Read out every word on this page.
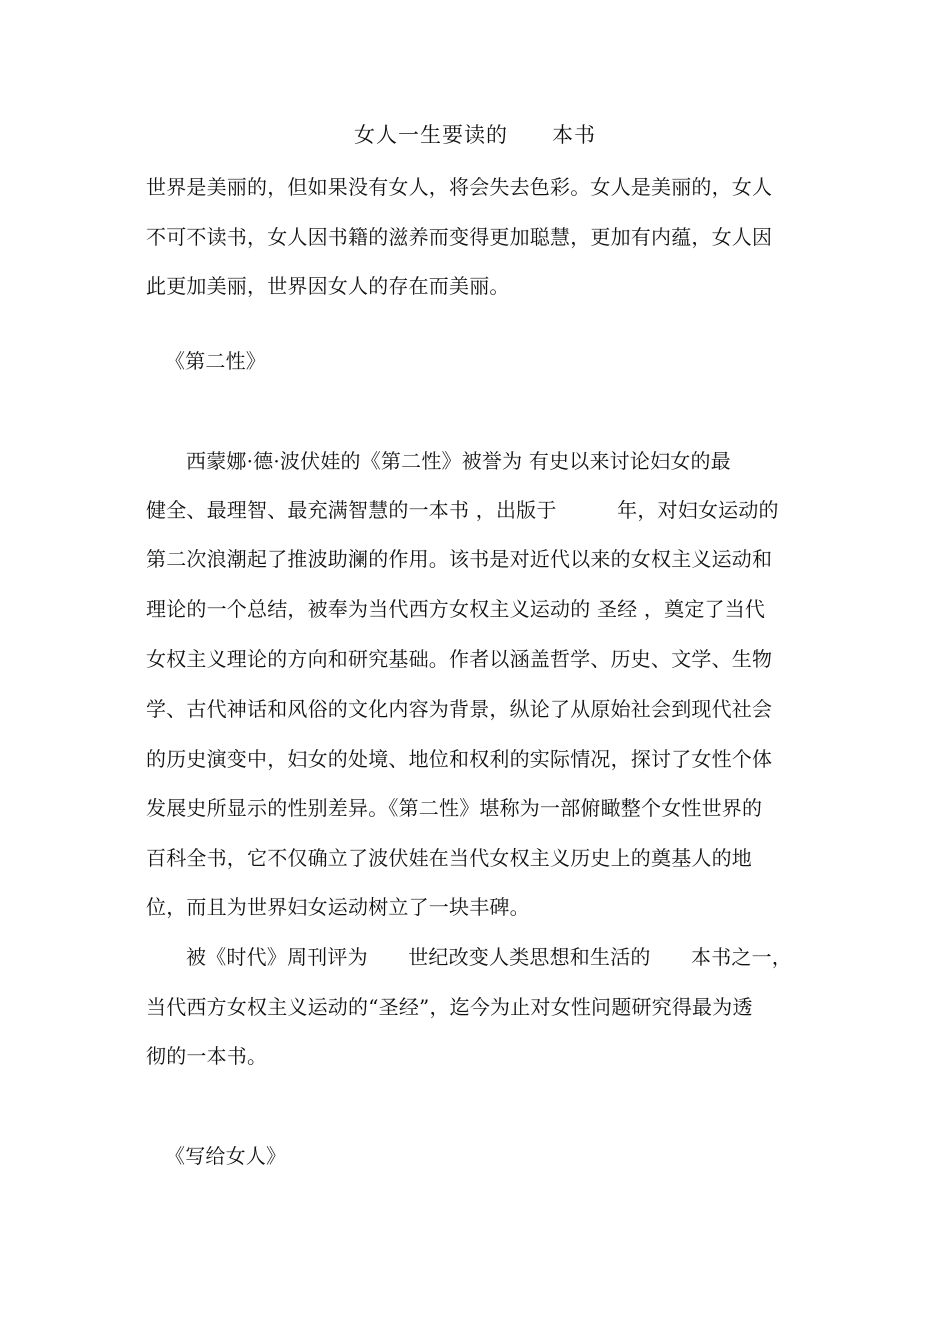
女人一生要读的　　本书
世界是美丽的，但如果没有女人，将会失去色彩。女人是美丽的，女人
不可不读书，女人因书籍的滋养而变得更加聪慧，更加有内蕴，女人因
此更加美丽，世界因女人的存在而美丽。
《第二性》
西蒙娜·德·波伏娃的《第二性》被誉为 有史以来讨论妇女的最
健全、最理智、最充满智慧的一本书 ，出版于　　　年，对妇女运动的
第二次浪潮起了推波助澜的作用。该书是对近代以来的女权主义运动和
理论的一个总结，被奉为当代西方女权主义运动的 圣经 ，奠定了当代
女权主义理论的方向和研究基础。作者以涵盖哲学、历史、文学、生物
学、古代神话和风俗的文化内容为背景，纵论了从原始社会到现代社会
的历史演变中，妇女的处境、地位和权利的实际情况，探讨了女性个体
发展史所显示的性别差异。《第二性》堪称为一部俯瞰整个女性世界的
百科全书，它不仅确立了波伏娃在当代女权主义历史上的奠基人的地
位，而且为世界妇女运动树立了一块丰碑。
被《时代》周刊评为　　世纪改变人类思想和生活的　　本书之一，
当代西方女权主义运动的“圣经”，迄今为止对女性问题研究得最为透
彻的一本书。
《写给女人》
